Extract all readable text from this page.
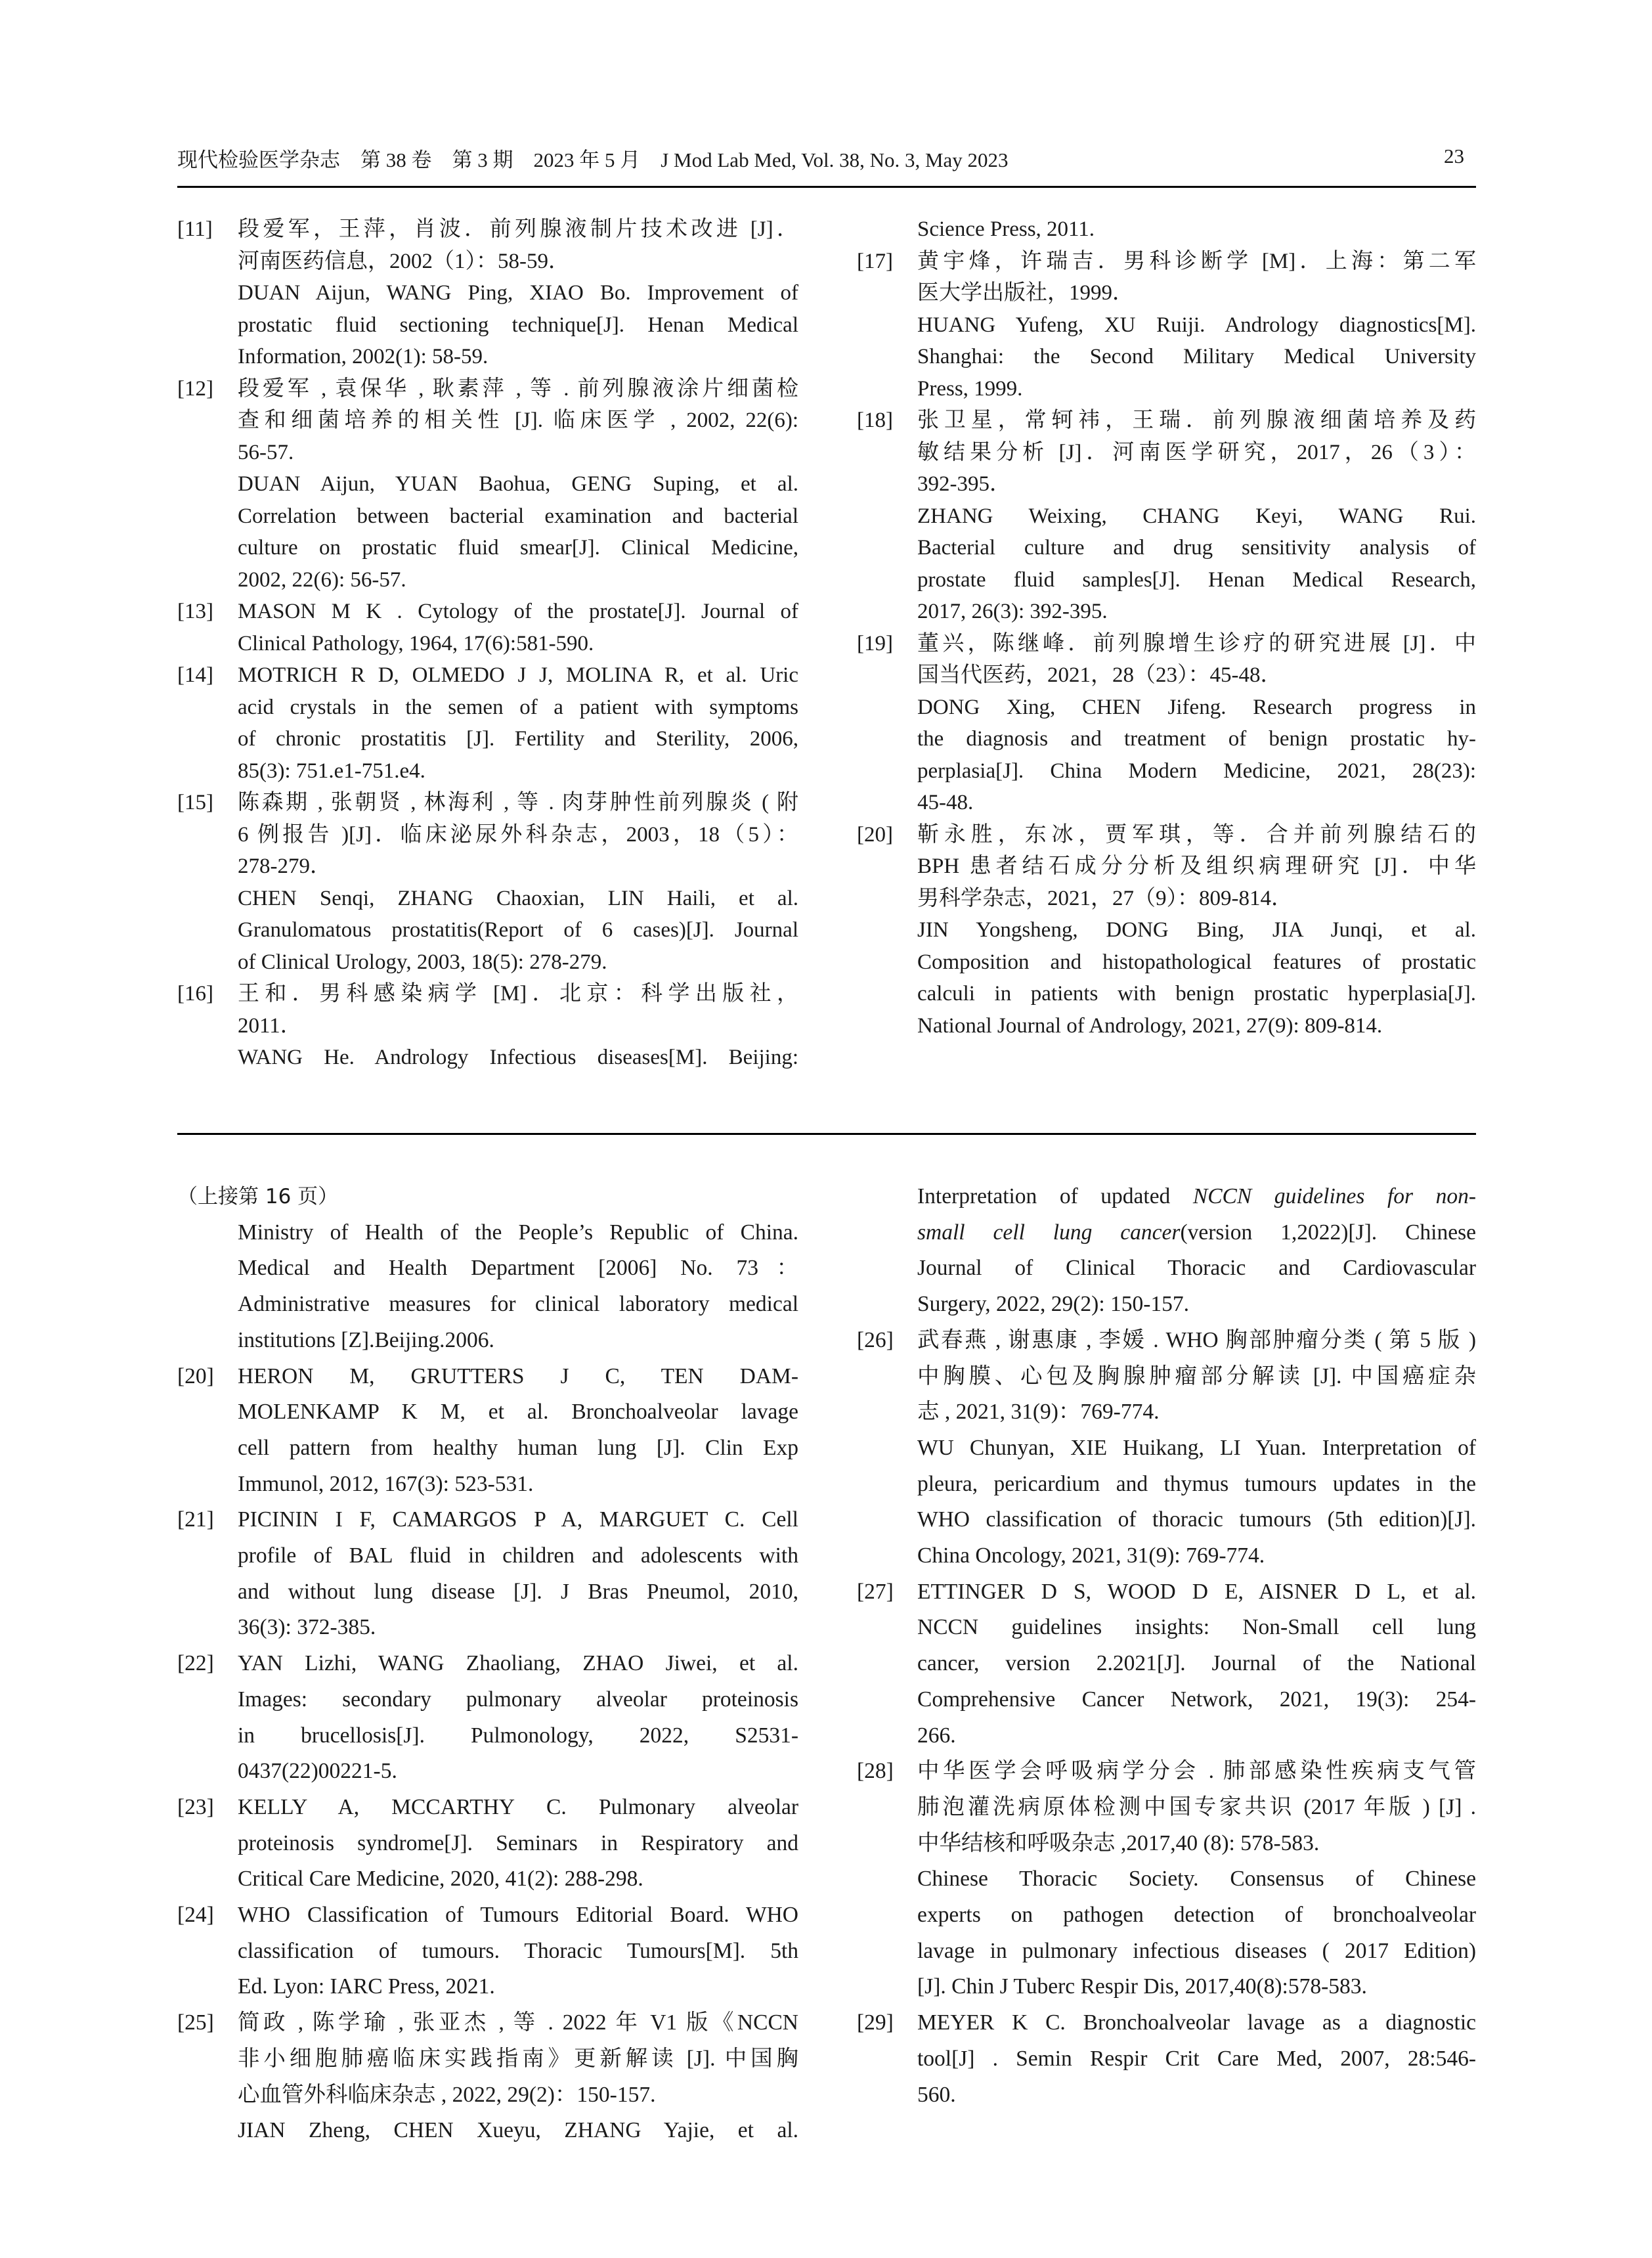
现代检验医学杂志　第 38 卷　第 3 期　2023 年 5 月　J Mod Lab Med, Vol. 38, No. 3, May 2023	23
[11]	段爱军，王萍，肖波．前列腺液制片技术改进 [J]．
河南医药信息，2002（1）：58-59．
DUAN Aijun, WANG Ping, XIAO Bo. Improvement of
prostatic fluid sectioning technique[J]. Henan Medical
Information, 2002(1): 58-59.
[12]	段爱军 , 袁保华 , 耿素萍 , 等 . 前列腺液涂片细菌检
查和细菌培养的相关性 [J]. 临床医学 , 2002, 22(6):
56-57.
DUAN Aijun, YUAN Baohua, GENG Suping, et al.
Correlation between bacterial examination and bacterial
culture on prostatic fluid smear[J]. Clinical Medicine,
2002, 22(6): 56-57.
[13]	MASON M K . Cytology of the prostate[J]. Journal of
Clinical Pathology, 1964, 17(6):581-590.
[14]	MOTRICH R D, OLMEDO J J, MOLINA R, et al. Uric
acid crystals in the semen of a patient with symptoms
of chronic prostatitis [J]. Fertility and Sterility, 2006,
85(3): 751.e1-751.e4.
[15]	陈森期 , 张朝贤 , 林海利 , 等 . 肉芽肿性前列腺炎 ( 附
6 例报告 )[J]．临床泌尿外科杂志，2003，18（5）：
278-279．
CHEN Senqi, ZHANG Chaoxian, LIN Haili, et al.
Granulomatous prostatitis(Report of 6 cases)[J]. Journal
of Clinical Urology, 2003, 18(5): 278-279.
[16]	王和．男科感染病学 [M]．北京：科学出版社，
2011．
WANG He. Andrology Infectious diseases[M]. Beijing:
Science Press, 2011.
[17]	黄宇烽，许瑞吉．男科诊断学 [M]．上海：第二军
医大学出版社，1999．
HUANG Yufeng, XU Ruiji. Andrology diagnostics[M].
Shanghai: the Second Military Medical University
Press, 1999.
[18]	张卫星，常轲祎，王瑞．前列腺液细菌培养及药
敏结果分析 [J]．河南医学研究，2017，26（3）：
392-395．
ZHANG Weixing, CHANG Keyi, WANG Rui.
Bacterial culture and drug sensitivity analysis of
prostate fluid samples[J]. Henan Medical Research,
2017, 26(3): 392-395.
[19]	董兴，陈继峰．前列腺增生诊疗的研究进展 [J]．中
国当代医药，2021，28（23）：45-48．
DONG Xing, CHEN Jifeng. Research progress in
the diagnosis and treatment of benign prostatic hy-
perplasia[J]. China Modern Medicine, 2021, 28(23):
45-48.
[20]	靳永胜，东冰，贾军琪，等．合并前列腺结石的
BPH 患者结石成分分析及组织病理研究 [J]．中华
男科学杂志，2021，27（9）：809-814．
JIN Yongsheng, DONG Bing, JIA Junqi, et al.
Composition and histopathological features of prostatic
calculi in patients with benign prostatic hyperplasia[J].
National Journal of Andrology, 2021, 27(9): 809-814.
（上接第 16 页）
Ministry of Health of the People’s Republic of China.
Medical and Health Department [2006] No. 73：
Administrative measures for clinical laboratory medical
institutions [Z].Beijing.2006.
[20]	HERON M, GRUTTERS J C, TEN DAM-
MOLENKAMP K M, et al. Bronchoalveolar lavage
cell pattern from healthy human lung [J]. Clin Exp
Immunol, 2012, 167(3): 523-531.
[21]	PICININ I F, CAMARGOS P A, MARGUET C. Cell
profile of BAL fluid in children and adolescents with
and without lung disease [J]. J Bras Pneumol, 2010,
36(3): 372-385.
[22]	YAN Lizhi, WANG Zhaoliang, ZHAO Jiwei, et al.
Images: secondary pulmonary alveolar proteinosis
in brucellosis[J]. Pulmonology, 2022, S2531-
0437(22)00221-5.
[23]	KELLY A, MCCARTHY C. Pulmonary alveolar
proteinosis syndrome[J]. Seminars in Respiratory and
Critical Care Medicine, 2020, 41(2): 288-298.
[24]	WHO Classification of Tumours Editorial Board. WHO
classification of tumours. Thoracic Tumours[M]. 5th
Ed. Lyon: IARC Press, 2021.
[25]	简政 , 陈学瑜 , 张亚杰 , 等 . 2022 年 V1 版《NCCN
非小细胞肺癌临床实践指南》更新解读 [J]. 中国胸
心血管外科临床杂志 , 2022, 29(2)：150-157.
JIAN Zheng, CHEN Xueyu, ZHANG Yajie, et al.
Interpretation of updated NCCN guidelines for non-
small cell lung cancer(version 1,2022)[J]. Chinese
Journal of Clinical Thoracic and Cardiovascular
Surgery, 2022, 29(2): 150-157.
[26]	武春燕 , 谢惠康 , 李媛 . WHO 胸部肿瘤分类 ( 第 5 版 )
中胸膜、心包及胸腺肿瘤部分解读 [J]. 中国癌症杂
志 , 2021, 31(9)：769-774.
WU Chunyan, XIE Huikang, LI Yuan. Interpretation of
pleura, pericardium and thymus tumours updates in the
WHO classification of thoracic tumours (5th edition)[J].
China Oncology, 2021, 31(9): 769-774.
[27]	ETTINGER D S, WOOD D E, AISNER D L, et al.
NCCN guidelines insights: Non-Small cell lung
cancer, version 2.2021[J]. Journal of the National
Comprehensive Cancer Network, 2021, 19(3): 254-
266.
[28]	中华医学会呼吸病学分会 . 肺部感染性疾病支气管
肺泡灌洗病原体检测中国专家共识 (2017 年版 ) [J] .
中华结核和呼吸杂志 ,2017,40 (8): 578-583.
Chinese Thoracic Society. Consensus of Chinese
experts on pathogen detection of bronchoalveolar
lavage in pulmonary infectious diseases ( 2017 Edition)
[J]. Chin J Tuberc Respir Dis, 2017,40(8):578-583.
[29]	MEYER K C. Bronchoalveolar lavage as a diagnostic
tool[J] . Semin Respir Crit Care Med, 2007, 28:546-
560.
